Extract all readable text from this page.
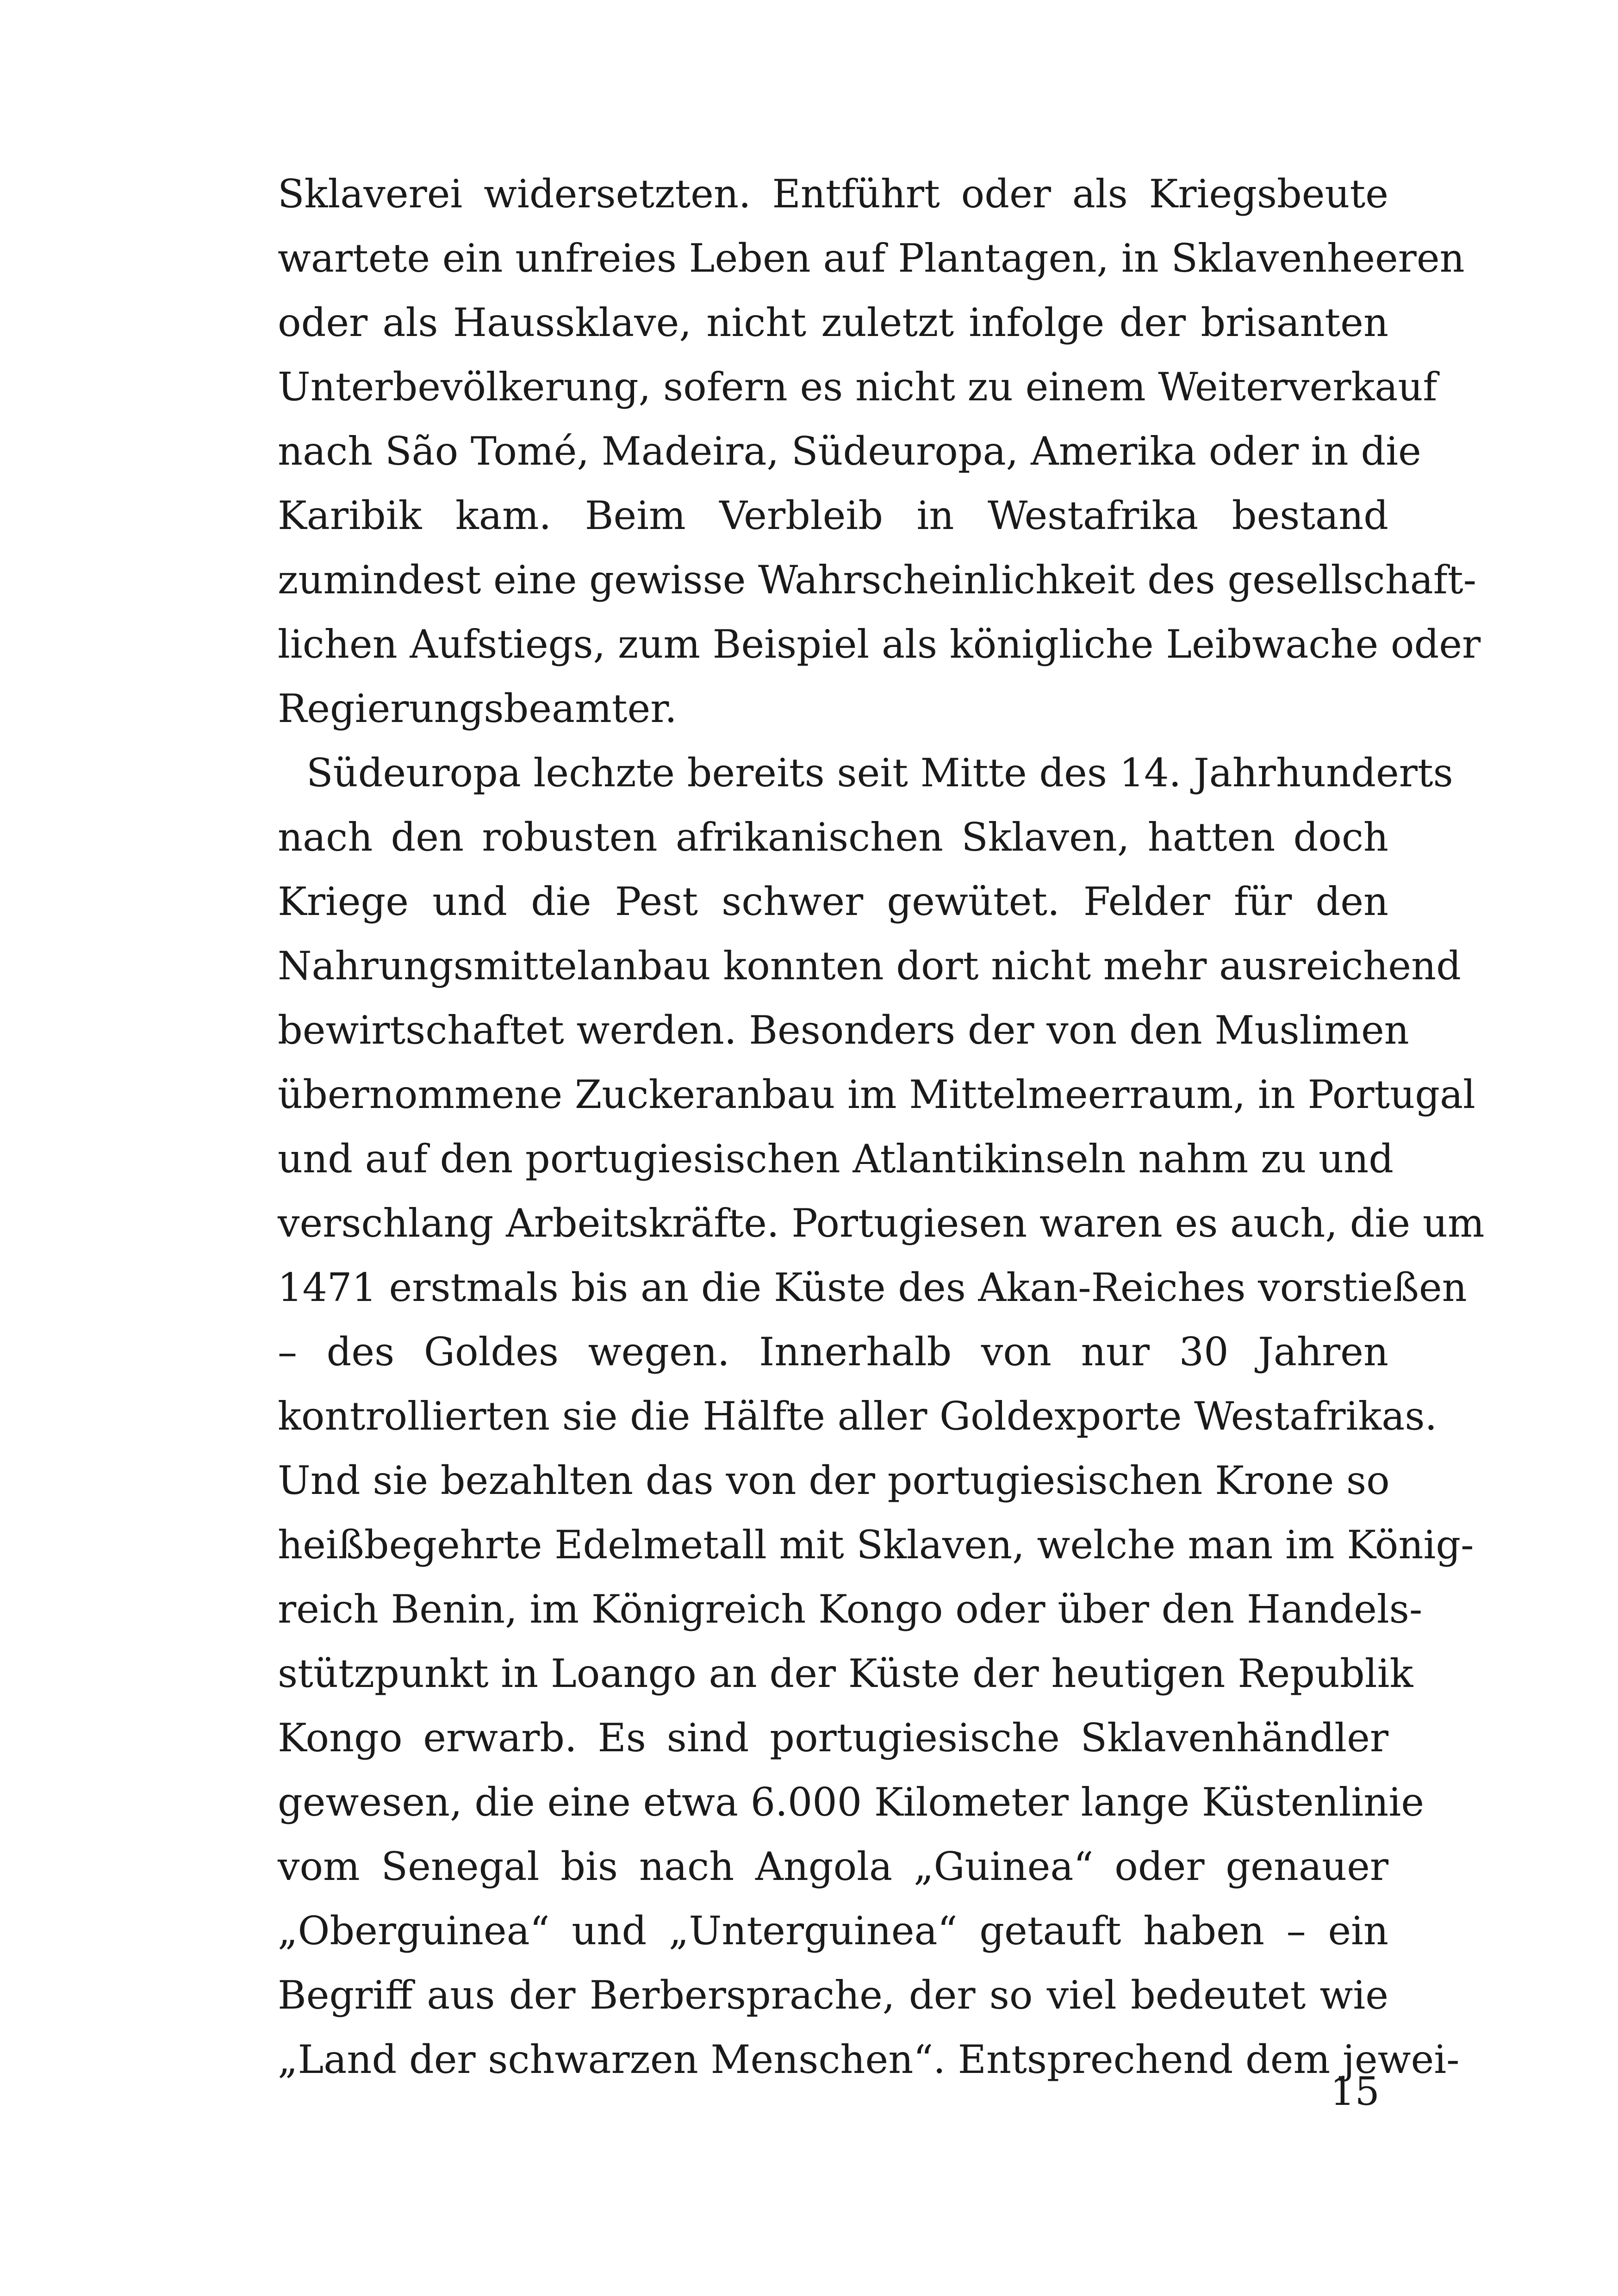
Sklaverei widersetzten. Entführt oder als Kriegsbeute
wartete ein unfreies Leben auf Plantagen, in Sklavenheeren
oder als Haussklave, nicht zuletzt infolge der brisanten
Unterbevölkerung, sofern es nicht zu einem Weiterverkauf
nach São Tomé, Madeira, Südeuropa, Amerika oder in die
Karibik kam. Beim Verbleib in Westafrika bestand
zumindest eine gewisse Wahrscheinlichkeit des gesellschaft-
lichen Aufstiegs, zum Beispiel als königliche Leibwache oder
Regierungsbeamter.
Südeuropa lechzte bereits seit Mitte des 14. Jahrhunderts
nach den robusten afrikanischen Sklaven, hatten doch
Kriege und die Pest schwer gewütet. Felder für den
Nahrungsmittelanbau konnten dort nicht mehr ausreichend
bewirtschaftet werden. Besonders der von den Muslimen
übernommene Zuckeranbau im Mittelmeerraum, in Portugal
und auf den portugiesischen Atlantikinseln nahm zu und
verschlang Arbeitskräfte. Portugiesen waren es auch, die um
1471 erstmals bis an die Küste des Akan-Reiches vorstießen
– des Goldes wegen. Innerhalb von nur 30 Jahren
kontrollierten sie die Hälfte aller Goldexporte Westafrikas.
Und sie bezahlten das von der portugiesischen Krone so
heißbegehrte Edelmetall mit Sklaven, welche man im König-
reich Benin, im Königreich Kongo oder über den Handels-
stützpunkt in Loango an der Küste der heutigen Republik
Kongo erwarb. Es sind portugiesische Sklavenhändler
gewesen, die eine etwa 6.000 Kilometer lange Küstenlinie
vom Senegal bis nach Angola „Guinea“ oder genauer
„Oberguinea“ und „Unterguinea“ getauft haben – ein
Begriff aus der Berbersprache, der so viel bedeutet wie
„Land der schwarzen Menschen“. Entsprechend dem jewei-
15
